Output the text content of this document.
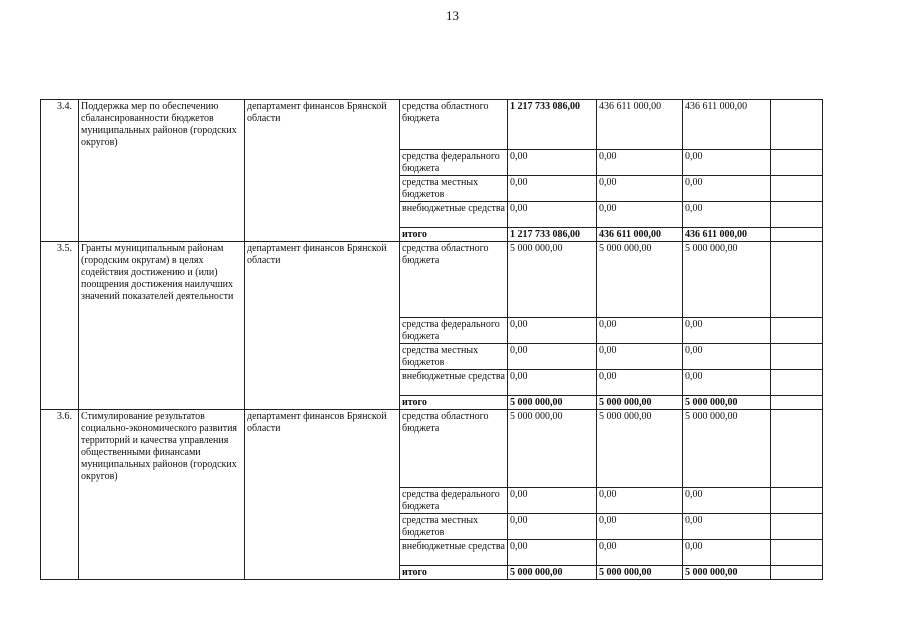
13
3.4.	Поддержка мер по обеспечению сбалансированности бюджетов муниципальных районов (городских округов)	департамент финансов Брянской области	средства областного бюджета	1 217 733 086,00	436 611 000,00	436 611 000,00	
			средства федерального бюджета	0,00	0,00	0,00	
			средства местных бюджетов	0,00	0,00	0,00	
			внебюджетные средства	0,00	0,00	0,00	
			итого	1 217 733 086,00	436 611 000,00	436 611 000,00	
3.5.	Гранты муниципальным районам (городским округам) в целях содействия достижению и (или) поощрения достижения наилучших значений показателей деятельности	департамент финансов Брянской области	средства областного бюджета	5 000 000,00	5 000 000,00	5 000 000,00	
			средства федерального бюджета	0,00	0,00	0,00	
			средства местных бюджетов	0,00	0,00	0,00	
			внебюджетные средства	0,00	0,00	0,00	
			итого	5 000 000,00	5 000 000,00	5 000 000,00	
3.6.	Стимулирование результатов социально-экономического развития территорий и качества управления общественными финансами муниципальных районов (городских округов)	департамент финансов Брянской области	средства областного бюджета	5 000 000,00	5 000 000,00	5 000 000,00	
			средства федерального бюджета	0,00	0,00	0,00	
			средства местных бюджетов	0,00	0,00	0,00	
			внебюджетные средства	0,00	0,00	0,00	
			итого	5 000 000,00	5 000 000,00	5 000 000,00	
